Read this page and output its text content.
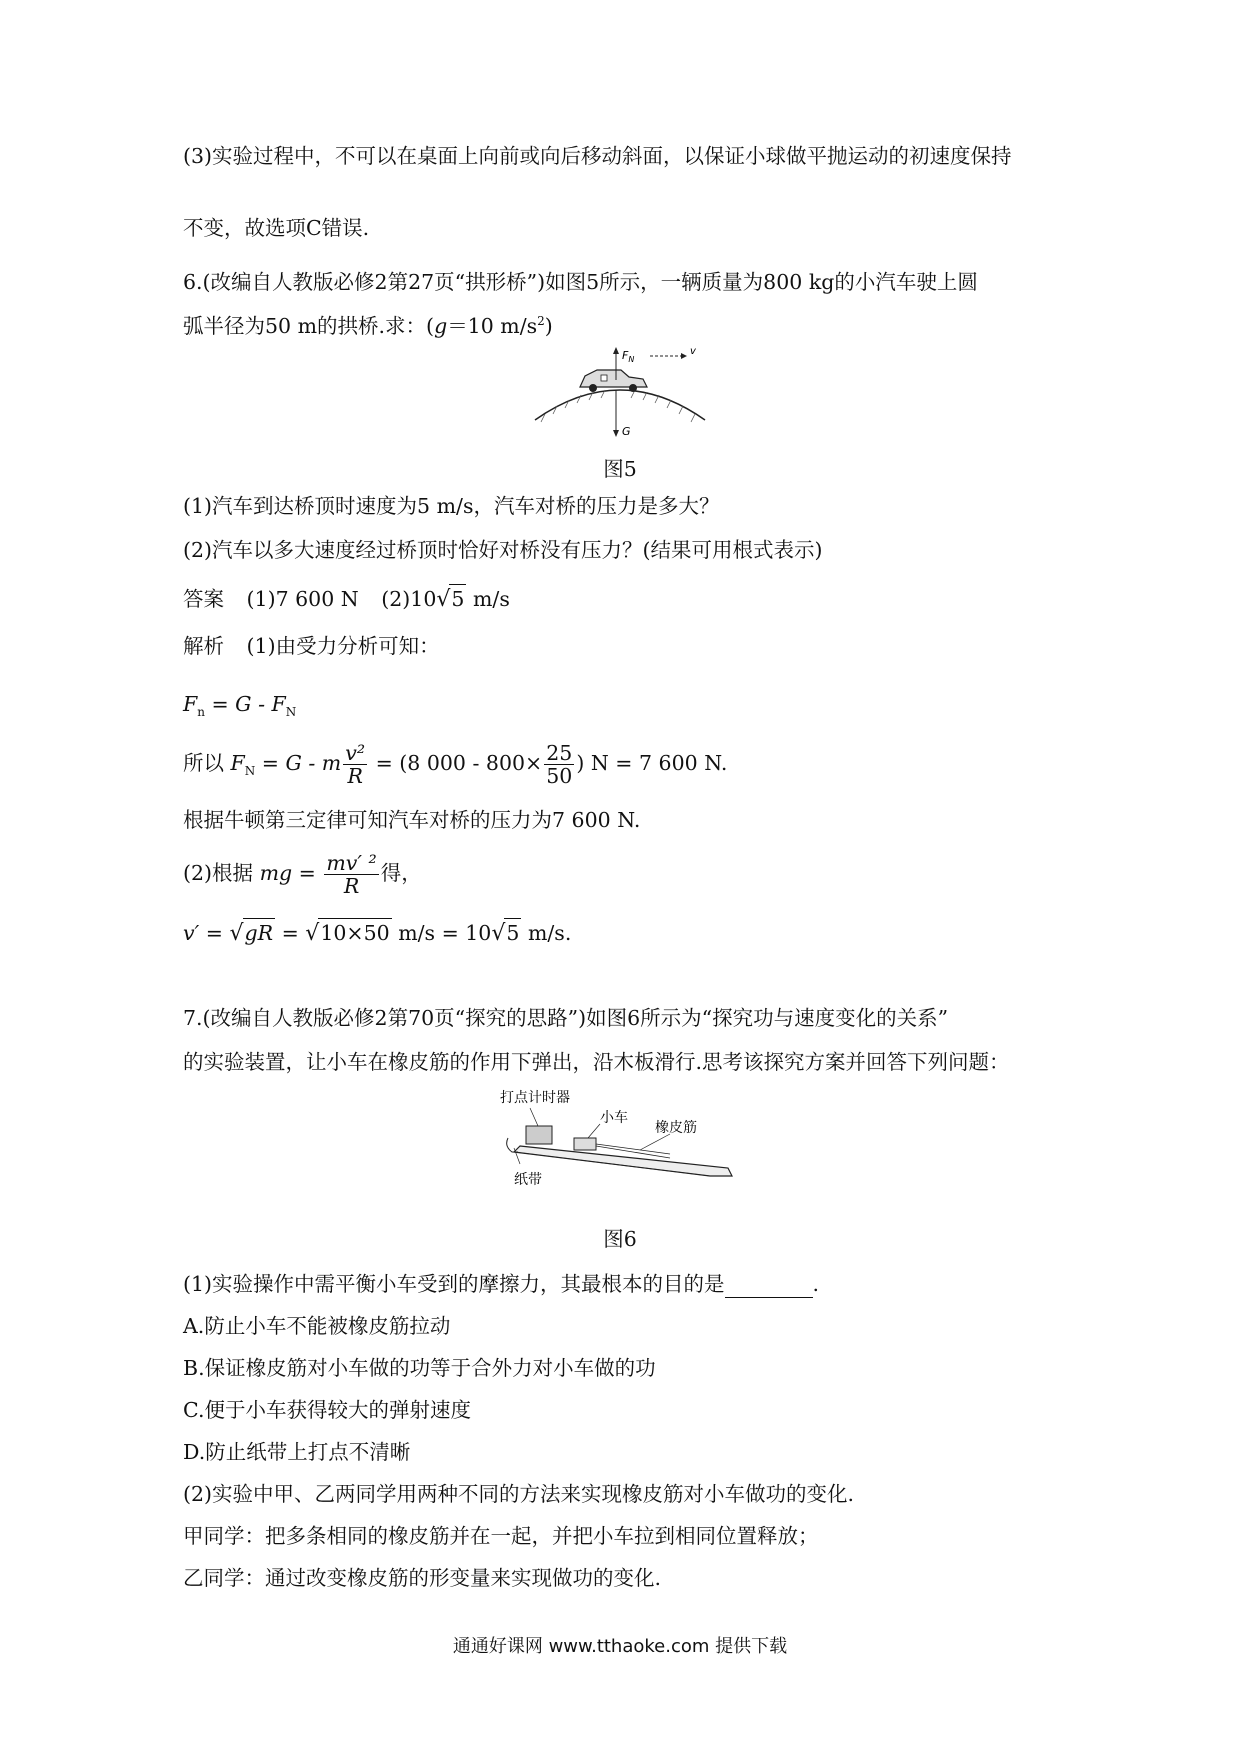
(3)实验过程中，不可以在桌面上向前或向后移动斜面，以保证小球做平抛运动的初速度保持
不变，故选项C错误.
6.(改编自人教版必修2第27页“拱形桥”)如图5所示，一辆质量为800 kg的小汽车驶上圆
弧半径为50 m的拱桥.求：(g＝10 $m/s^2$)
$F_N$
v
G
图5
(1)汽车到达桥顶时速度为5 m/s，汽车对桥的压力是多大？
(2)汽车以多大速度经过桥顶时恰好对桥没有压力？(结果可用根式表示)
答案 (1)7 600 N (2)10√5 m/s
解析 (1)由受力分析可知：
$F_n = G - F_N$
所以 $F_N = G - m \frac{\text{v²}}{R} = (8$ $000 - 800\times \frac{25}{50}$ ) N = 7 600 N.
根据牛顿第三定律可知汽车对桥的压力为7 600 N.
(2)根据 mg = $\frac{\text{mv′ ²}}{R}$ 得，
v′ = √gR = √10×50 m/s = 10√5 m/s.
7.(改编自人教版必修2第70页“探究的思路”)如图6所示为“探究功与速度变化的关系”
的实验装置，让小车在橡皮筋的作用下弹出，沿木板滑行.思考该探究方案并回答下列问题：
打点计时器
小车
橡皮筋
纸带
图6
(1)实验操作中需平衡小车受到的摩擦力，其最根本的目的是	.
A.防止小车不能被橡皮筋拉动
B.保证橡皮筋对小车做的功等于合外力对小车做的功
C.便于小车获得较大的弹射速度
D.防止纸带上打点不清晰
(2)实验中甲、乙两同学用两种不同的方法来实现橡皮筋对小车做功的变化.
甲同学：把多条相同的橡皮筋并在一起，并把小车拉到相同位置释放；
乙同学：通过改变橡皮筋的形变量来实现做功的变化.
通通好课网 www.tthaoke.com 提供下载
